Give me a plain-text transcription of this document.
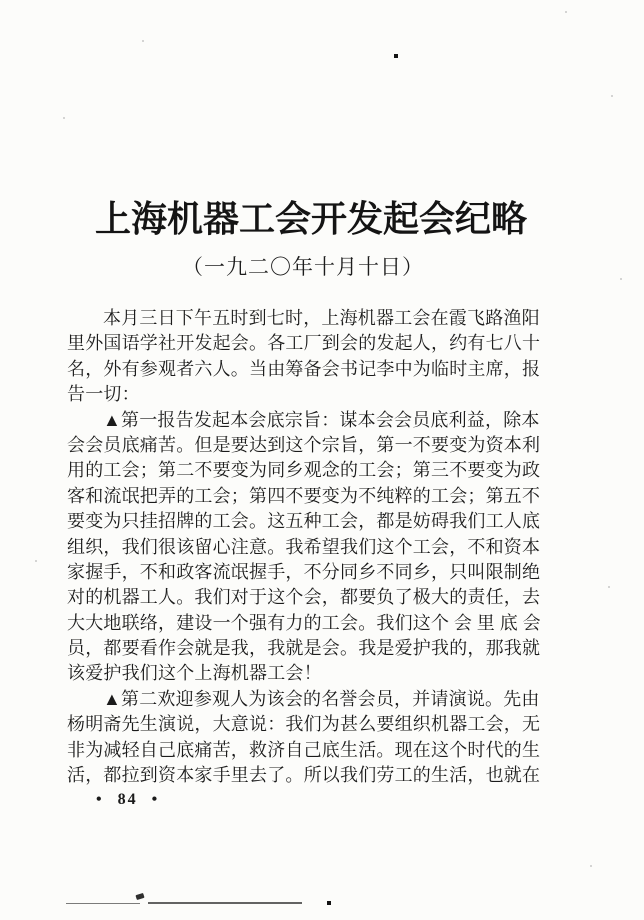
上海机器工会开发起会纪略
（一九二〇年十月十日）
本月三日下午五时到七时，上海机器工会在霞飞路渔阳
里外国语学社开发起会。各工厂到会的发起人，约有七八十
名，外有参观者六人。当由筹备会书记李中为临时主席，报
告一切：
▲第一报告发起本会底宗旨：谋本会会员底利益，除本
会会员底痛苦。但是要达到这个宗旨，第一不要变为资本利
用的工会；第二不要变为同乡观念的工会；第三不要变为政
客和流氓把弄的工会；第四不要变为不纯粹的工会；第五不
要变为只挂招牌的工会。这五种工会，都是妨碍我们工人底
组织，我们很该留心注意。我希望我们这个工会，不和资本
家握手，不和政客流氓握手，不分同乡不同乡，只叫限制绝
对的机器工人。我们对于这个会，都要负了极大的责任，去
大大地联络，建设一个强有力的工会。我们这个 会 里 底 会
员，都要看作会就是我，我就是会。我是爱护我的，那我就
该爱护我们这个上海机器工会！
▲第二欢迎参观人为该会的名誉会员，并请演说。先由
杨明斋先生演说，大意说：我们为甚么要组织机器工会，无
非为减轻自己底痛苦，救济自己底生活。现在这个时代的生
活，都拉到资本家手里去了。所以我们劳工的生活，也就在
• 84 •
